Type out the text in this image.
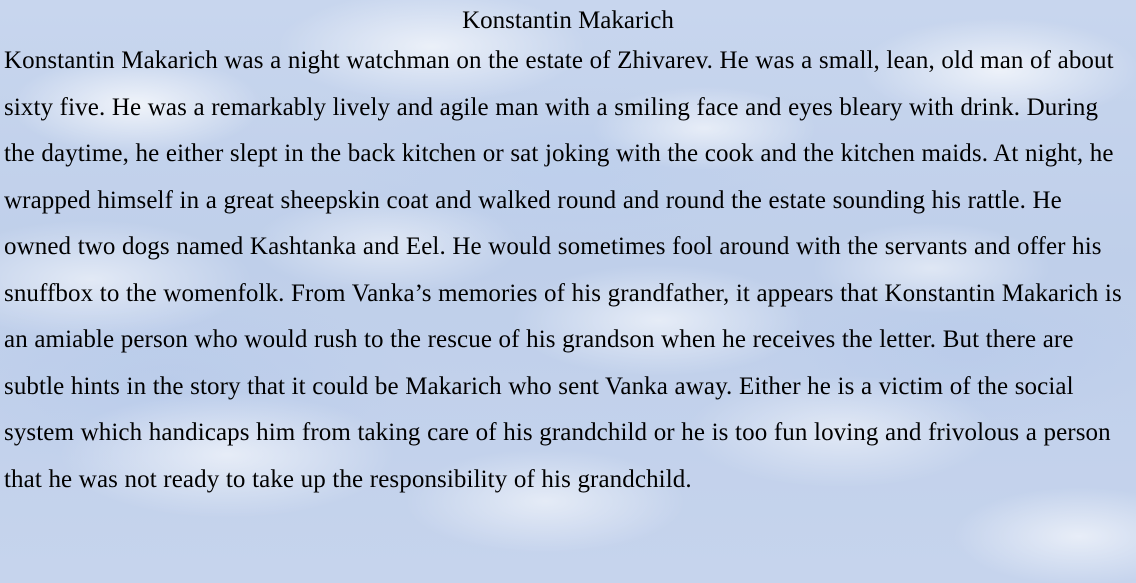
Konstantin Makarich

Konstantin Makarich was a night watchman on the estate of Zhivarev. He was a small, lean, old man of about sixty five. He was a remarkably lively and agile man with a smiling face and eyes bleary with drink. During the daytime, he either slept in the back kitchen or sat joking with the cook and the kitchen maids. At night, he wrapped himself in a great sheepskin coat and walked round and round the estate sounding his rattle. He owned two dogs named Kashtanka and Eel. He would sometimes fool around with the servants and offer his snuffbox to the womenfolk. From Vanka’s memories of his grandfather, it appears that Konstantin Makarich is an amiable person who would rush to the rescue of his grandson when he receives the letter. But there are subtle hints in the story that it could be Makarich who sent Vanka away. Either he is a victim of the social system which handicaps him from taking care of his grandchild or he is too fun loving and frivolous a person that he was not ready to take up the responsibility of his grandchild.
